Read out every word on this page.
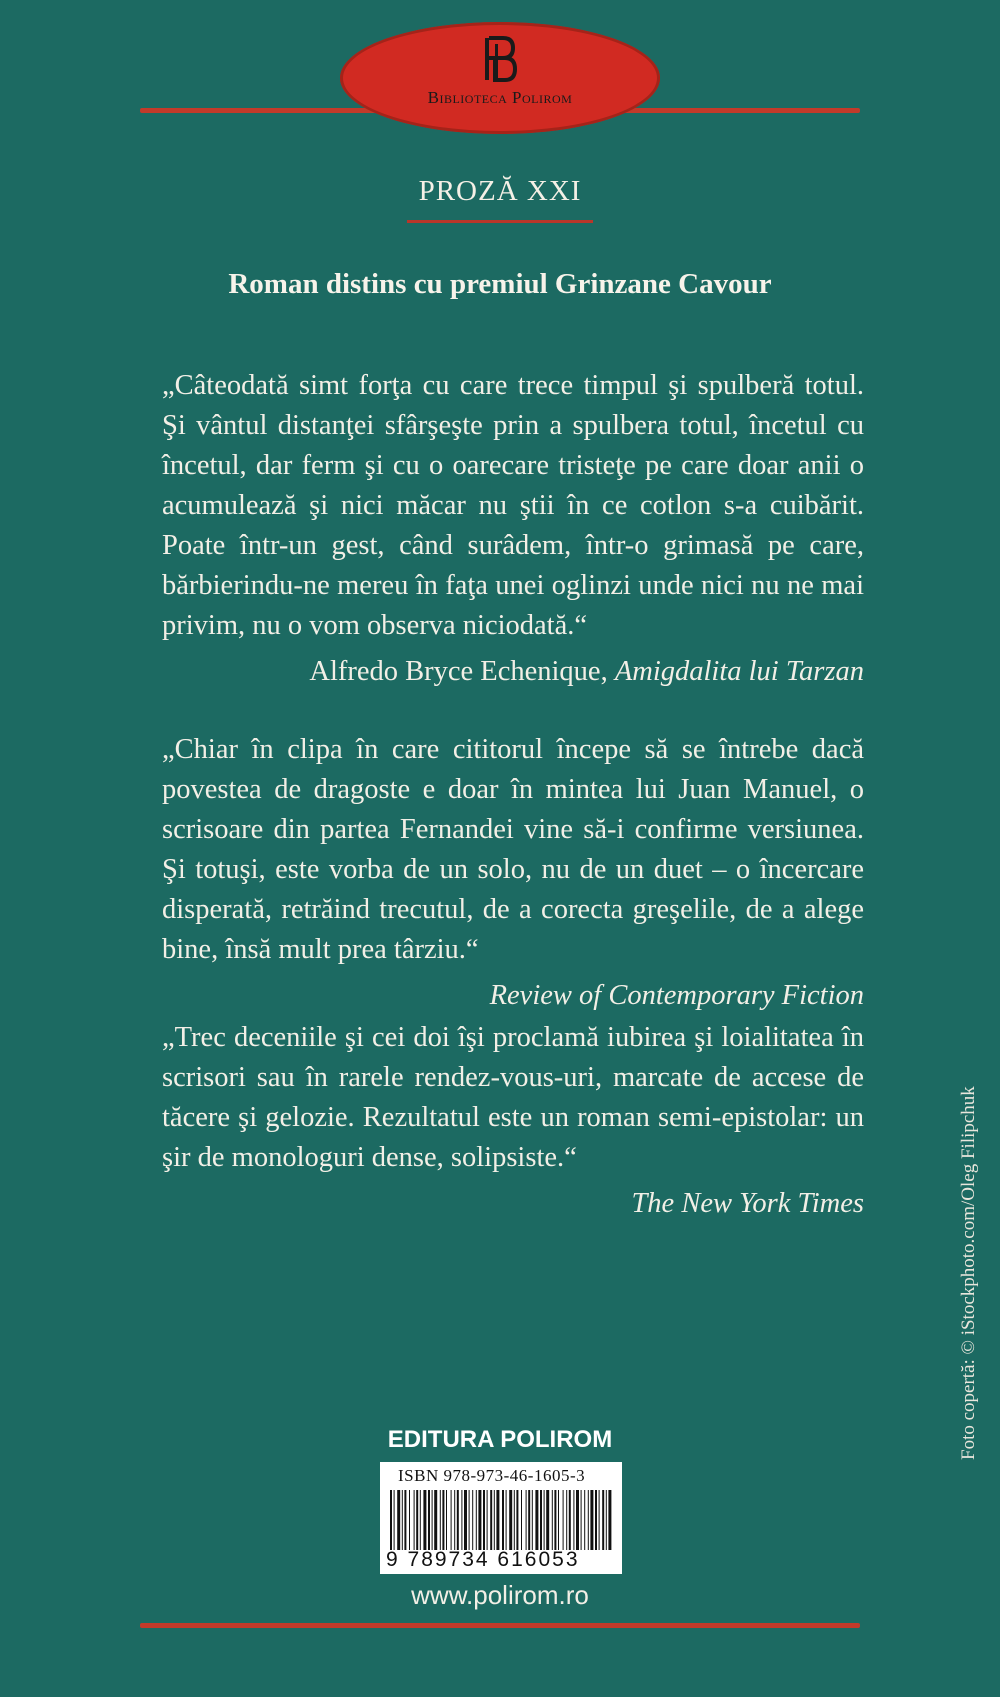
Biblioteca Polirom
PROZĂ XXI
Roman distins cu premiul Grinzane Cavour

„Câteodată simt forţa cu care trece timpul şi spulberă totul. Şi vântul distanţei sfârşeşte prin a spulbera totul, încetul cu încetul, dar ferm şi cu o oarecare tristeţe pe care doar anii o acumulează şi nici măcar nu ştii în ce cotlon s-a cuibărit. Poate într-un gest, când surâdem, într-o grimasă pe care, bărbierindu-ne mereu în faţa unei oglinzi unde nici nu ne mai privim, nu o vom observa niciodată.“

Alfredo Bryce Echenique, Amigdalita lui Tarzan

„Chiar în clipa în care cititorul începe să se întrebe dacă povestea de dragoste e doar în mintea lui Juan Manuel, o scrisoare din partea Fernandei vine să-i confirme versiunea. Şi totuşi, este vorba de un solo, nu de un duet – o încercare disperată, retrăind trecutul, de a corecta greşelile, de a alege bine, însă mult prea târziu.“

Review of Contemporary Fiction

„Trec deceniile şi cei doi îşi proclamă iubirea şi loialitatea în scrisori sau în rarele rendez-vous-uri, marcate de accese de tăcere şi gelozie. Rezultatul este un roman semi-epistolar: un şir de monologuri dense, solipsiste.“

The New York Times	Foto copertă: © iStockphoto.com/Oleg Filipchuk
EDITURA POLIROM
ISBN 978-973-46-1605-3
9 789734 616053
www.polirom.ro
